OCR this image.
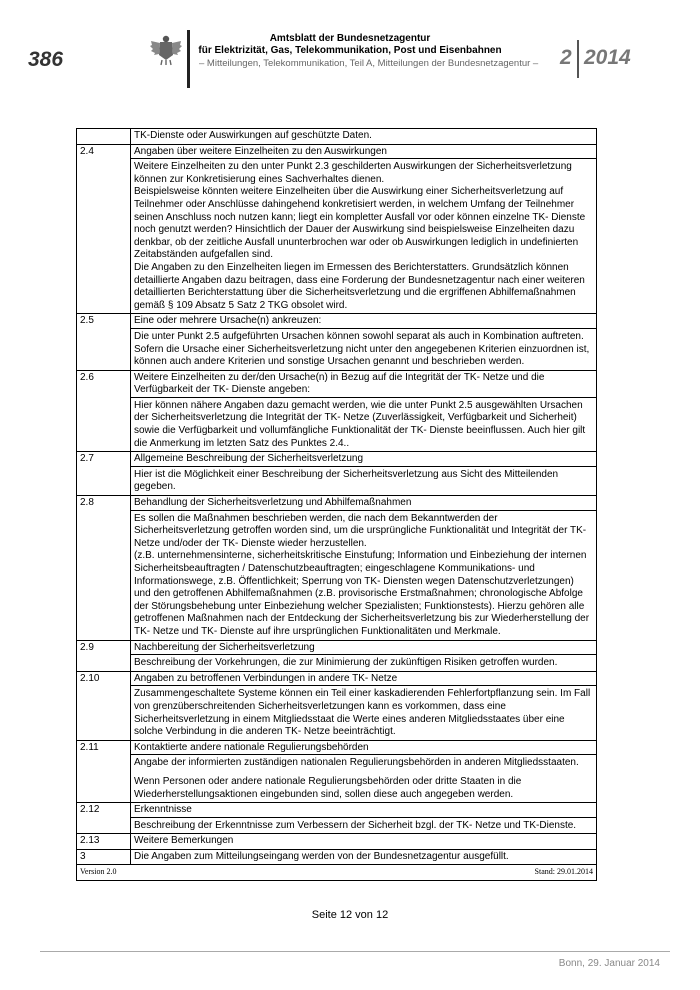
386
Amtsblatt der Bundesnetzagentur
für Elektrizität, Gas, Telekommunikation, Post und Eisenbahnen
– Mitteilungen, Telekommunikation, Teil A, Mitteilungen der Bundesnetzagentur – 2 2014
	TK-Dienste oder Auswirkungen auf geschützte Daten.
2.4	Angaben über weitere Einzelheiten zu den Auswirkungen

Weitere Einzelheiten zu den unter Punkt 2.3 geschilderten Auswirkungen der Sicherheitsverletzung können zur Konkretisierung eines Sachverhaltes dienen.

Beispielsweise könnten weitere Einzelheiten über die Auswirkung einer Sicherheitsverletzung auf Teilnehmer oder Anschlüsse dahingehend konkretisiert werden, in welchem Umfang der Teilnehmer seinen Anschluss noch nutzen kann; liegt ein kompletter Ausfall vor oder können einzelne TK- Dienste noch genutzt werden? Hinsichtlich der Dauer der Auswirkung sind beispielsweise Einzelheiten dazu denkbar, ob der zeitliche Ausfall ununterbrochen war oder ob Auswirkungen lediglich in undefinierten Zeitabständen aufgefallen sind.

Die Angaben zu den Einzelheiten liegen im Ermessen des Berichterstatters. Grundsätzlich können detaillierte Angaben dazu beitragen, dass eine Forderung der Bundesnetzagentur nach einer weiteren detaillierten Berichterstattung über die Sicherheitsverletzung und die ergriffenen Abhilfemaßnahmen gemäß § 109 Absatz 5 Satz 2 TKG obsolet wird.

2.5	Eine oder mehrere Ursache(n) ankreuzen:

Die unter Punkt 2.5 aufgeführten Ursachen können sowohl separat als auch in Kombination auftreten. Sofern die Ursache einer Sicherheitsverletzung nicht unter den angegebenen Kriterien einzuordnen ist, können auch andere Kriterien und sonstige Ursachen genannt und beschrieben werden.

2.6	Weitere Einzelheiten zu der/den Ursache(n) in Bezug auf die Integrität der TK- Netze und die Verfügbarkeit der TK- Dienste angeben:

Hier können nähere Angaben dazu gemacht werden, wie die unter Punkt 2.5 ausgewählten Ursachen der Sicherheitsverletzung die Integrität der TK- Netze (Zuverlässigkeit, Verfügbarkeit und Sicherheit) sowie die Verfügbarkeit und vollumfängliche Funktionalität der TK- Dienste beeinflussen. Auch hier gilt die Anmerkung im letzten Satz des Punktes 2.4..

2.7	Allgemeine Beschreibung der Sicherheitsverletzung

Hier ist die Möglichkeit einer Beschreibung der Sicherheitsverletzung aus Sicht des Mitteilenden gegeben.

2.8	Behandlung der Sicherheitsverletzung und Abhilfemaßnahmen

Es sollen die Maßnahmen beschrieben werden, die nach dem Bekanntwerden der Sicherheitsverletzung getroffen worden sind, um die ursprüngliche Funktionalität und Integrität der TK- Netze und/oder der TK- Dienste wieder herzustellen.

(z.B. unternehmensinterne, sicherheitskritische Einstufung; Information und Einbeziehung der internen Sicherheitsbeauftragten / Datenschutzbeauftragten; eingeschlagene Kommunikations- und Informationswege, z.B. Öffentlichkeit; Sperrung von TK- Diensten wegen Datenschutzverletzungen) und den getroffenen Abhilfemaßnahmen (z.B. provisorische Erstmaßnahmen; chronologische Abfolge der Störungsbehebung unter Einbeziehung welcher Spezialisten; Funktionstests). Hierzu gehören alle getroffenen Maßnahmen nach der Entdeckung der Sicherheitsverletzung bis zur Wiederherstellung der TK- Netze und TK- Dienste auf ihre ursprünglichen Funktionalitäten und Merkmale.

2.9	Nachbereitung der Sicherheitsverletzung

Beschreibung der Vorkehrungen, die zur Minimierung der zukünftigen Risiken getroffen wurden.

2.10	Angaben zu betroffenen Verbindungen in andere TK- Netze

Zusammengeschaltete Systeme können ein Teil einer kaskadierenden Fehlerfortpflanzung sein. Im Fall von grenzüberschreitenden Sicherheitsverletzungen kann es vorkommen, dass eine Sicherheitsverletzung in einem Mitgliedsstaat die Werte eines anderen Mitgliedsstaates über eine solche Verbindung in die anderen TK- Netze beeinträchtigt.

2.11	Kontaktierte andere nationale Regulierungsbehörden

Angabe der informierten zuständigen nationalen Regulierungsbehörden in anderen Mitgliedsstaaten.

Wenn Personen oder andere nationale Regulierungsbehörden oder dritte Staaten in die Wiederherstellungsaktionen eingebunden sind, sollen diese auch angegeben werden.

2.12	Erkenntnisse

Beschreibung der Erkenntnisse zum Verbessern der Sicherheit bzgl. der TK- Netze und TK-Dienste.

2.13	Weitere Bemerkungen
3	Die Angaben zum Mitteilungseingang werden von der Bundesnetzagentur ausgefüllt.

Stand: 29.01.2014
Version 2.0	
Seite 12 von 12
Bonn, 29. Januar 2014
